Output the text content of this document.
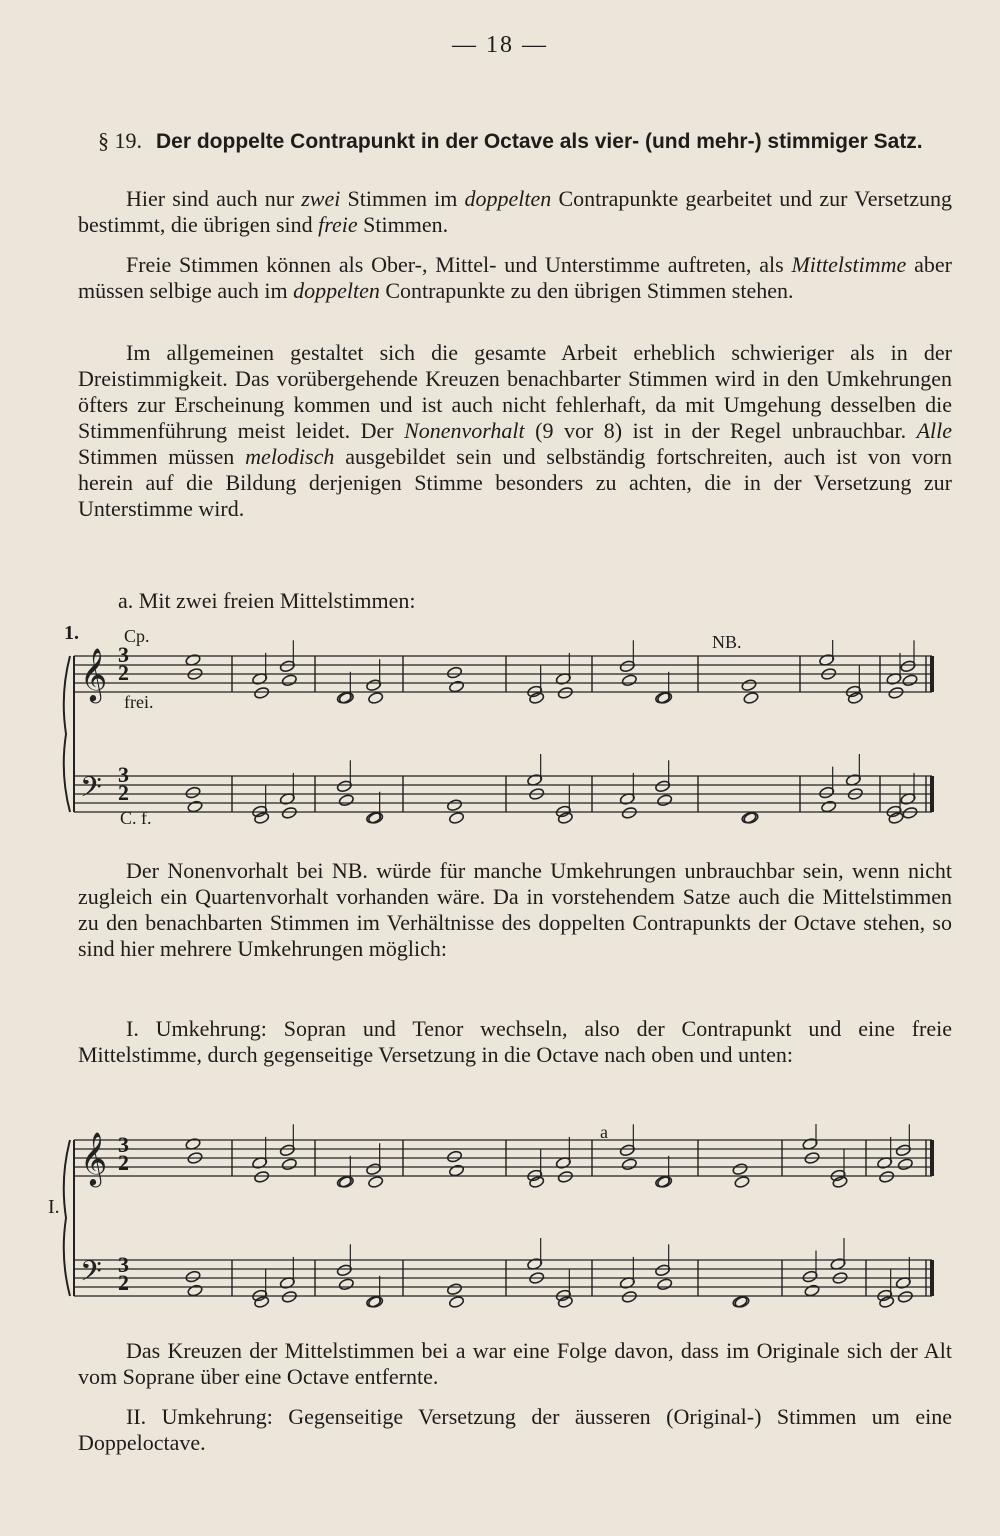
— 18 —
§ 19. Der doppelte Contrapunkt in der Octave als vier- (und mehr-) stimmiger Satz.
Hier sind auch nur zwei Stimmen im doppelten Contrapunkte gearbeitet und zur Versetzung bestimmt, die übrigen sind freie Stimmen.
Freie Stimmen können als Ober-, Mittel- und Unterstimme auftreten, als Mittelstimme aber müssen selbige auch im doppelten Contrapunkte zu den übrigen Stimmen stehen.
Im allgemeinen gestaltet sich die gesamte Arbeit erheblich schwieriger als in der Dreistimmigkeit. Das vorübergehende Kreuzen benachbarter Stimmen wird in den Umkehrungen öfters zur Erscheinung kommen und ist auch nicht fehlerhaft, da mit Umgehung desselben die Stimmenführung meist leidet. Der Nonenvorhalt (9 vor 8) ist in der Regel unbrauchbar. Alle Stimmen müssen melodisch ausgebildet sein und selbständig fortschreiten, auch ist von vorn herein auf die Bildung derjenigen Stimme besonders zu achten, die in der Versetzung zur Unterstimme wird.
a. Mit zwei freien Mittelstimmen:
1.	Cp.
frei.
C. f.
NB.
𝄞
𝄢
3
2
3
2
Der Nonenvorhalt bei NB. würde für manche Umkehrungen unbrauchbar sein, wenn nicht zugleich ein Quartenvorhalt vorhanden wäre. Da in vorstehendem Satze auch die Mittelstimmen zu den benachbarten Stimmen im Verhältnisse des doppelten Contrapunkts der Octave stehen, so sind hier mehrere Umkehrungen möglich:
I. Umkehrung: Sopran und Tenor wechseln, also der Contrapunkt und eine freie Mittelstimme, durch gegenseitige Versetzung in die Octave nach oben und unten:
I.
a
𝄞
𝄢
3
2
3
2
Das Kreuzen der Mittelstimmen bei a war eine Folge davon, dass im Originale sich der Alt vom Soprane über eine Octave entfernte.
II. Umkehrung: Gegenseitige Versetzung der äusseren (Original-) Stimmen um eine Doppeloctave.
